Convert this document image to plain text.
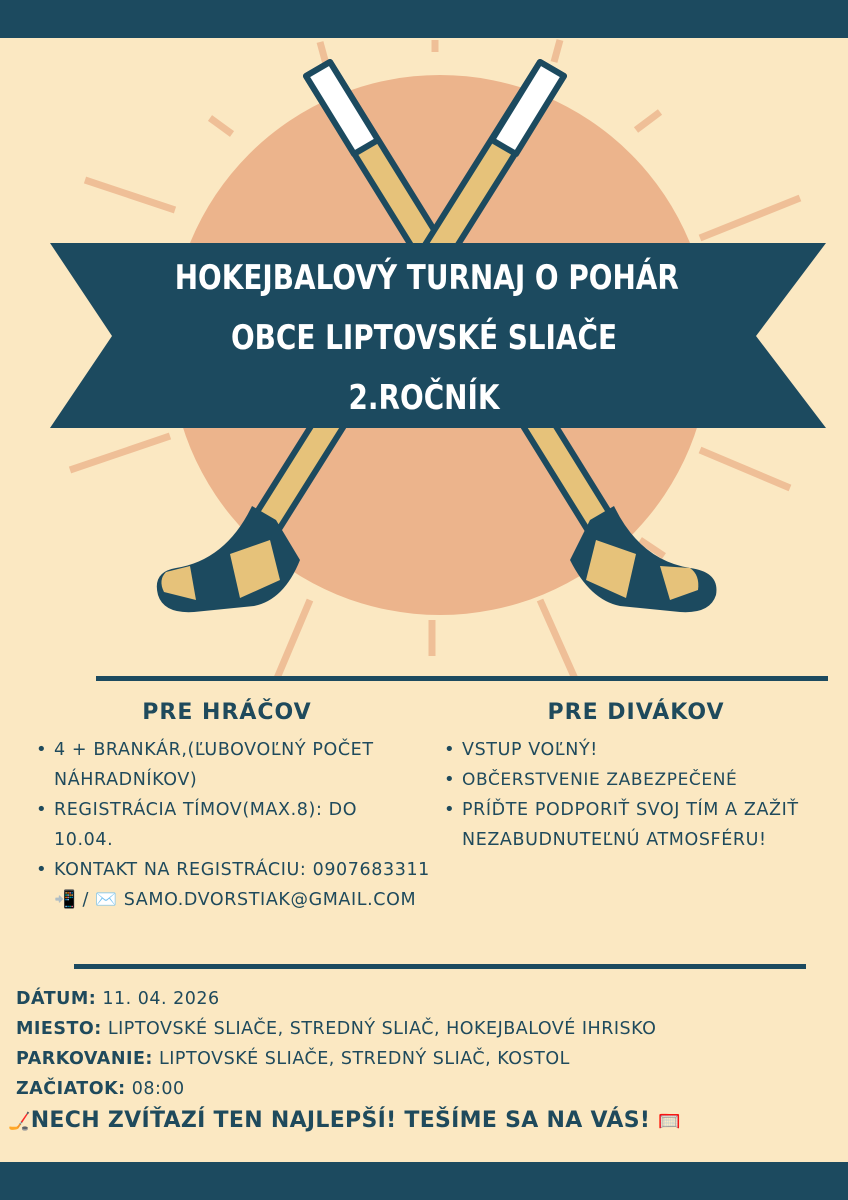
HOKEJBALOVÝ TURNAJ O POHÁR
OBCE LIPTOVSKÉ SLIAČE
2.ROČNÍK
PRE HRÁČOV
• 4 + BRANKÁR,(ĽUBOVOĽNÝ POČET NÁHRADNÍKOV)
• REGISTRÁCIA TÍMOV(MAX.8): DO 10.04.
• KONTAKT NA REGISTRÁCIU: 0907683311📲 / ✉️ SAMO.DVORSTIAK@GMAIL.COM
PRE DIVÁKOV
• VSTUP VOĽNÝ!
• OBČERSTVENIE ZABEZPEČENÉ
• PRÍĎTE PODPORIŤ SVOJ TÍM A ZAŽIŤ NEZABUDNUTEĽNÚ ATMOSFÉRU!
DÁTUM: 11. 04. 2026
MIESTO: LIPTOVSKÉ SLIAČE, STREDNÝ SLIAČ, HOKEJBALOVÉ IHRISKO
PARKOVANIE: LIPTOVSKÉ SLIAČE, STREDNÝ SLIAČ, KOSTOL
ZAČIATOK: 08:00
🏒NECH ZVÍŤAZÍ TEN NAJLEPŠÍ! TEŠÍME SA NA VÁS! 🥅
